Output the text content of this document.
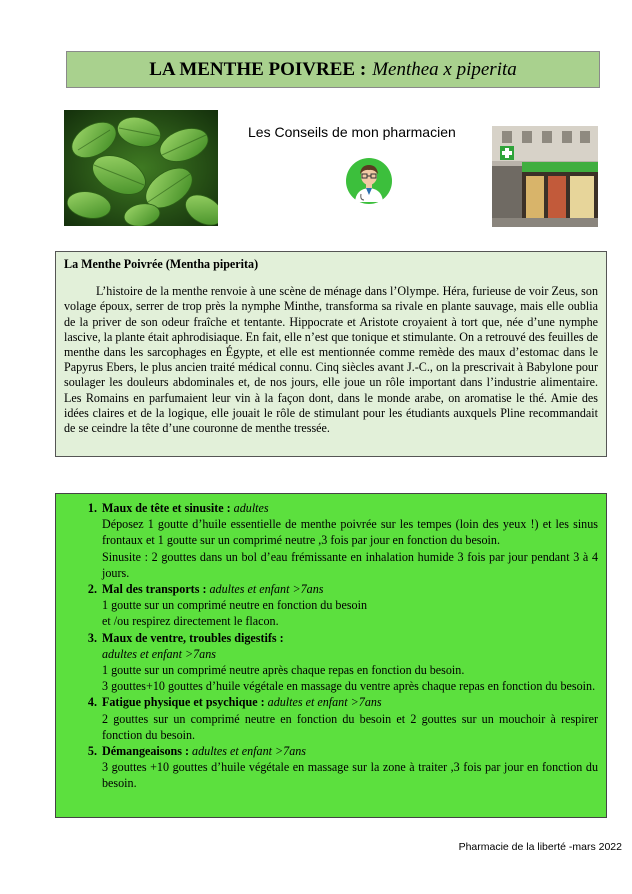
LA MENTHE POIVREE : Menthea x piperita
Les Conseils de mon pharmacien
La Menthe Poivrée (Mentha piperita)

L’histoire de la menthe renvoie à une scène de ménage dans l’Olympe. Héra, furieuse de voir Zeus, son volage époux, serrer de trop près la nymphe Minthe, transforma sa rivale en plante sauvage, mais elle oublia de la priver de son odeur fraîche et tentante. Hippocrate et Aristote croyaient à tort que, née d’une nymphe lascive, la plante était aphrodisiaque. En fait, elle n’est que tonique et stimulante. On a retrouvé des feuilles de menthe dans les sarcophages en Égypte, et elle est mentionnée comme remède des maux d’estomac dans le Papyrus Ebers, le plus ancien traité médical connu. Cinq siècles avant J.-C., on la prescrivait à Babylone pour soulager les douleurs abdominales et, de nos jours, elle joue un rôle important dans l’industrie alimentaire. Les Romains en parfumaient leur vin à la façon dont, dans le monde arabe, on aromatise le thé. Amie des idées claires et de la logique, elle jouait le rôle de stimulant pour les étudiants auxquels Pline recommandait de se ceindre la tête d’une couronne de menthe tressée.

1. Maux de tête et sinusite : adultes
Déposez 1 goutte d’huile essentielle de menthe poivrée sur les tempes (loin des yeux !) et les sinus frontaux et 1 goutte sur un comprimé neutre ,3 fois par jour en fonction du besoin.
Sinusite : 2 gouttes dans un bol d’eau frémissante en inhalation humide 3 fois par jour pendant 3 à 4 jours.
2. Mal des transports : adultes et enfant >7ans
1 goutte sur un comprimé neutre en fonction du besoin
et /ou respirez directement le flacon.
3. Maux de ventre, troubles digestifs :
adultes et enfant >7ans
1 goutte sur un comprimé neutre après chaque repas en fonction du besoin.
3 gouttes+10 gouttes d’huile végétale en massage du ventre après chaque repas en fonction du besoin.
4. Fatigue physique et psychique : adultes et enfant >7ans
2 gouttes sur un comprimé neutre en fonction du besoin et 2 gouttes sur un mouchoir à respirer fonction du besoin.
5. Démangeaisons : adultes et enfant >7ans
3 gouttes +10 gouttes d’huile végétale en massage sur la zone à traiter ,3 fois par jour en fonction du besoin.
Pharmacie de la liberté -mars 2022
